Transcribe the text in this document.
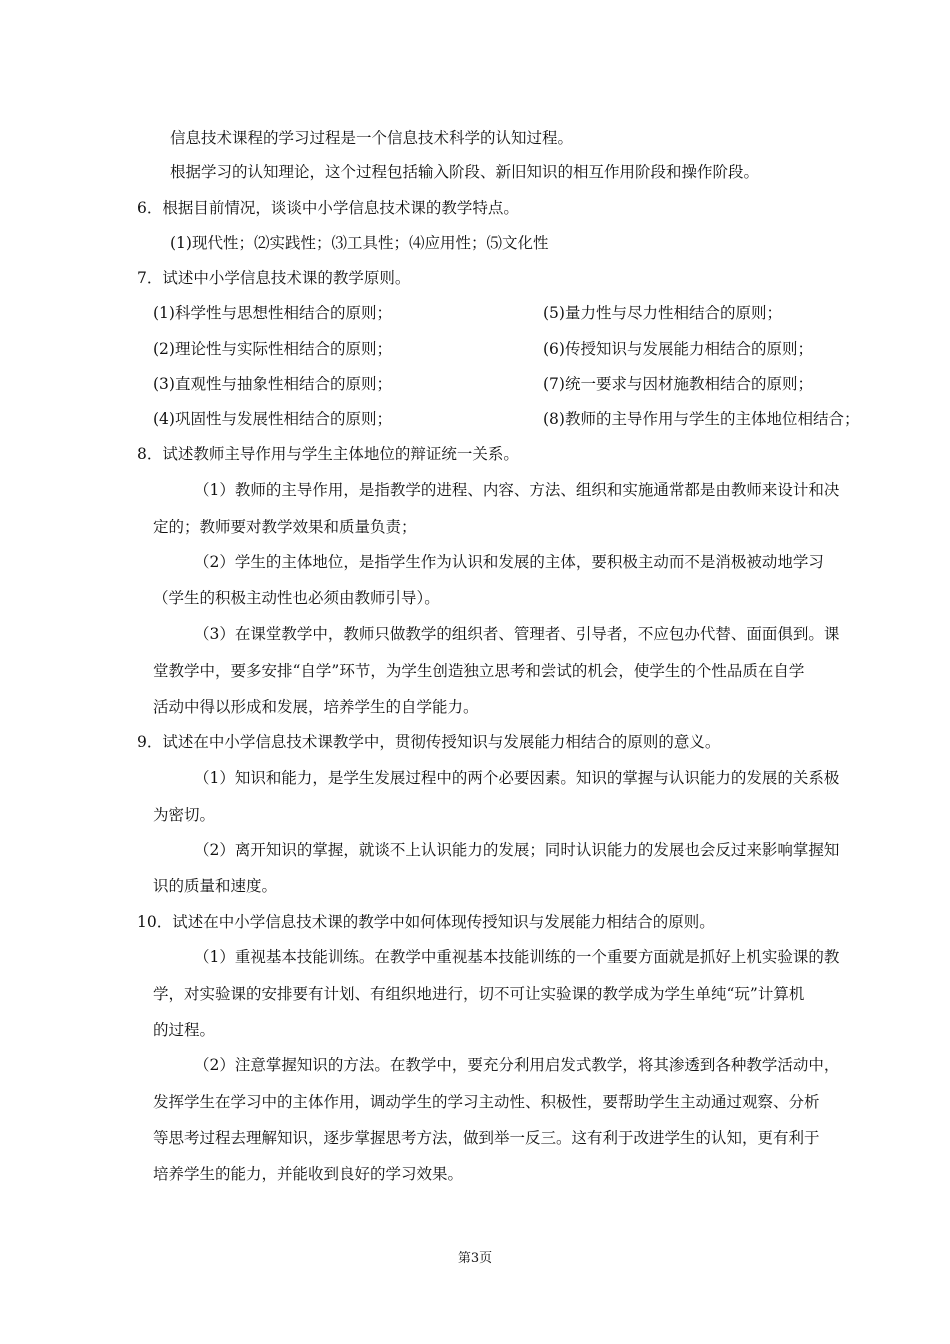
信息技术课程的学习过程是一个信息技术科学的认知过程。
根据学习的认知理论，这个过程包括输入阶段、新旧知识的相互作用阶段和操作阶段。
6．根据目前情况，谈谈中小学信息技术课的教学特点。
(1)现代性；⑵实践性；⑶工具性；⑷应用性；⑸文化性
7．试述中小学信息技术课的教学原则。
(1)科学性与思想性相结合的原则；	(5)量力性与尽力性相结合的原则；
(2)理论性与实际性相结合的原则；	(6)传授知识与发展能力相结合的原则；
(3)直观性与抽象性相结合的原则；	(7)统一要求与因材施教相结合的原则；
(4)巩固性与发展性相结合的原则；	(8)教师的主导作用与学生的主体地位相结合；
8．试述教师主导作用与学生主体地位的辩证统一关系。
（1）教师的主导作用，是指教学的进程、内容、方法、组织和实施通常都是由教师来设计和决
定的；教师要对教学效果和质量负责；
（2）学生的主体地位，是指学生作为认识和发展的主体，要积极主动而不是消极被动地学习
（学生的积极主动性也必须由教师引导）。
（3）在课堂教学中，教师只做教学的组织者、管理者、引导者，不应包办代替、面面俱到。课
堂教学中，要多安排“自学”环节，为学生创造独立思考和尝试的机会，使学生的个性品质在自学
活动中得以形成和发展，培养学生的自学能力。
9．试述在中小学信息技术课教学中，贯彻传授知识与发展能力相结合的原则的意义。
（1）知识和能力，是学生发展过程中的两个必要因素。知识的掌握与认识能力的发展的关系极
为密切。
（2）离开知识的掌握，就谈不上认识能力的发展；同时认识能力的发展也会反过来影响掌握知
识的质量和速度。
10．试述在中小学信息技术课的教学中如何体现传授知识与发展能力相结合的原则。
（1）重视基本技能训练。在教学中重视基本技能训练的一个重要方面就是抓好上机实验课的教
学，对实验课的安排要有计划、有组织地进行，切不可让实验课的教学成为学生单纯“玩”计算机
的过程。
（2）注意掌握知识的方法。在教学中，要充分利用启发式教学，将其渗透到各种教学活动中，
发挥学生在学习中的主体作用，调动学生的学习主动性、积极性，要帮助学生主动通过观察、分析
等思考过程去理解知识，逐步掌握思考方法，做到举一反三。这有利于改进学生的认知，更有利于
培养学生的能力，并能收到良好的学习效果。
第3页
